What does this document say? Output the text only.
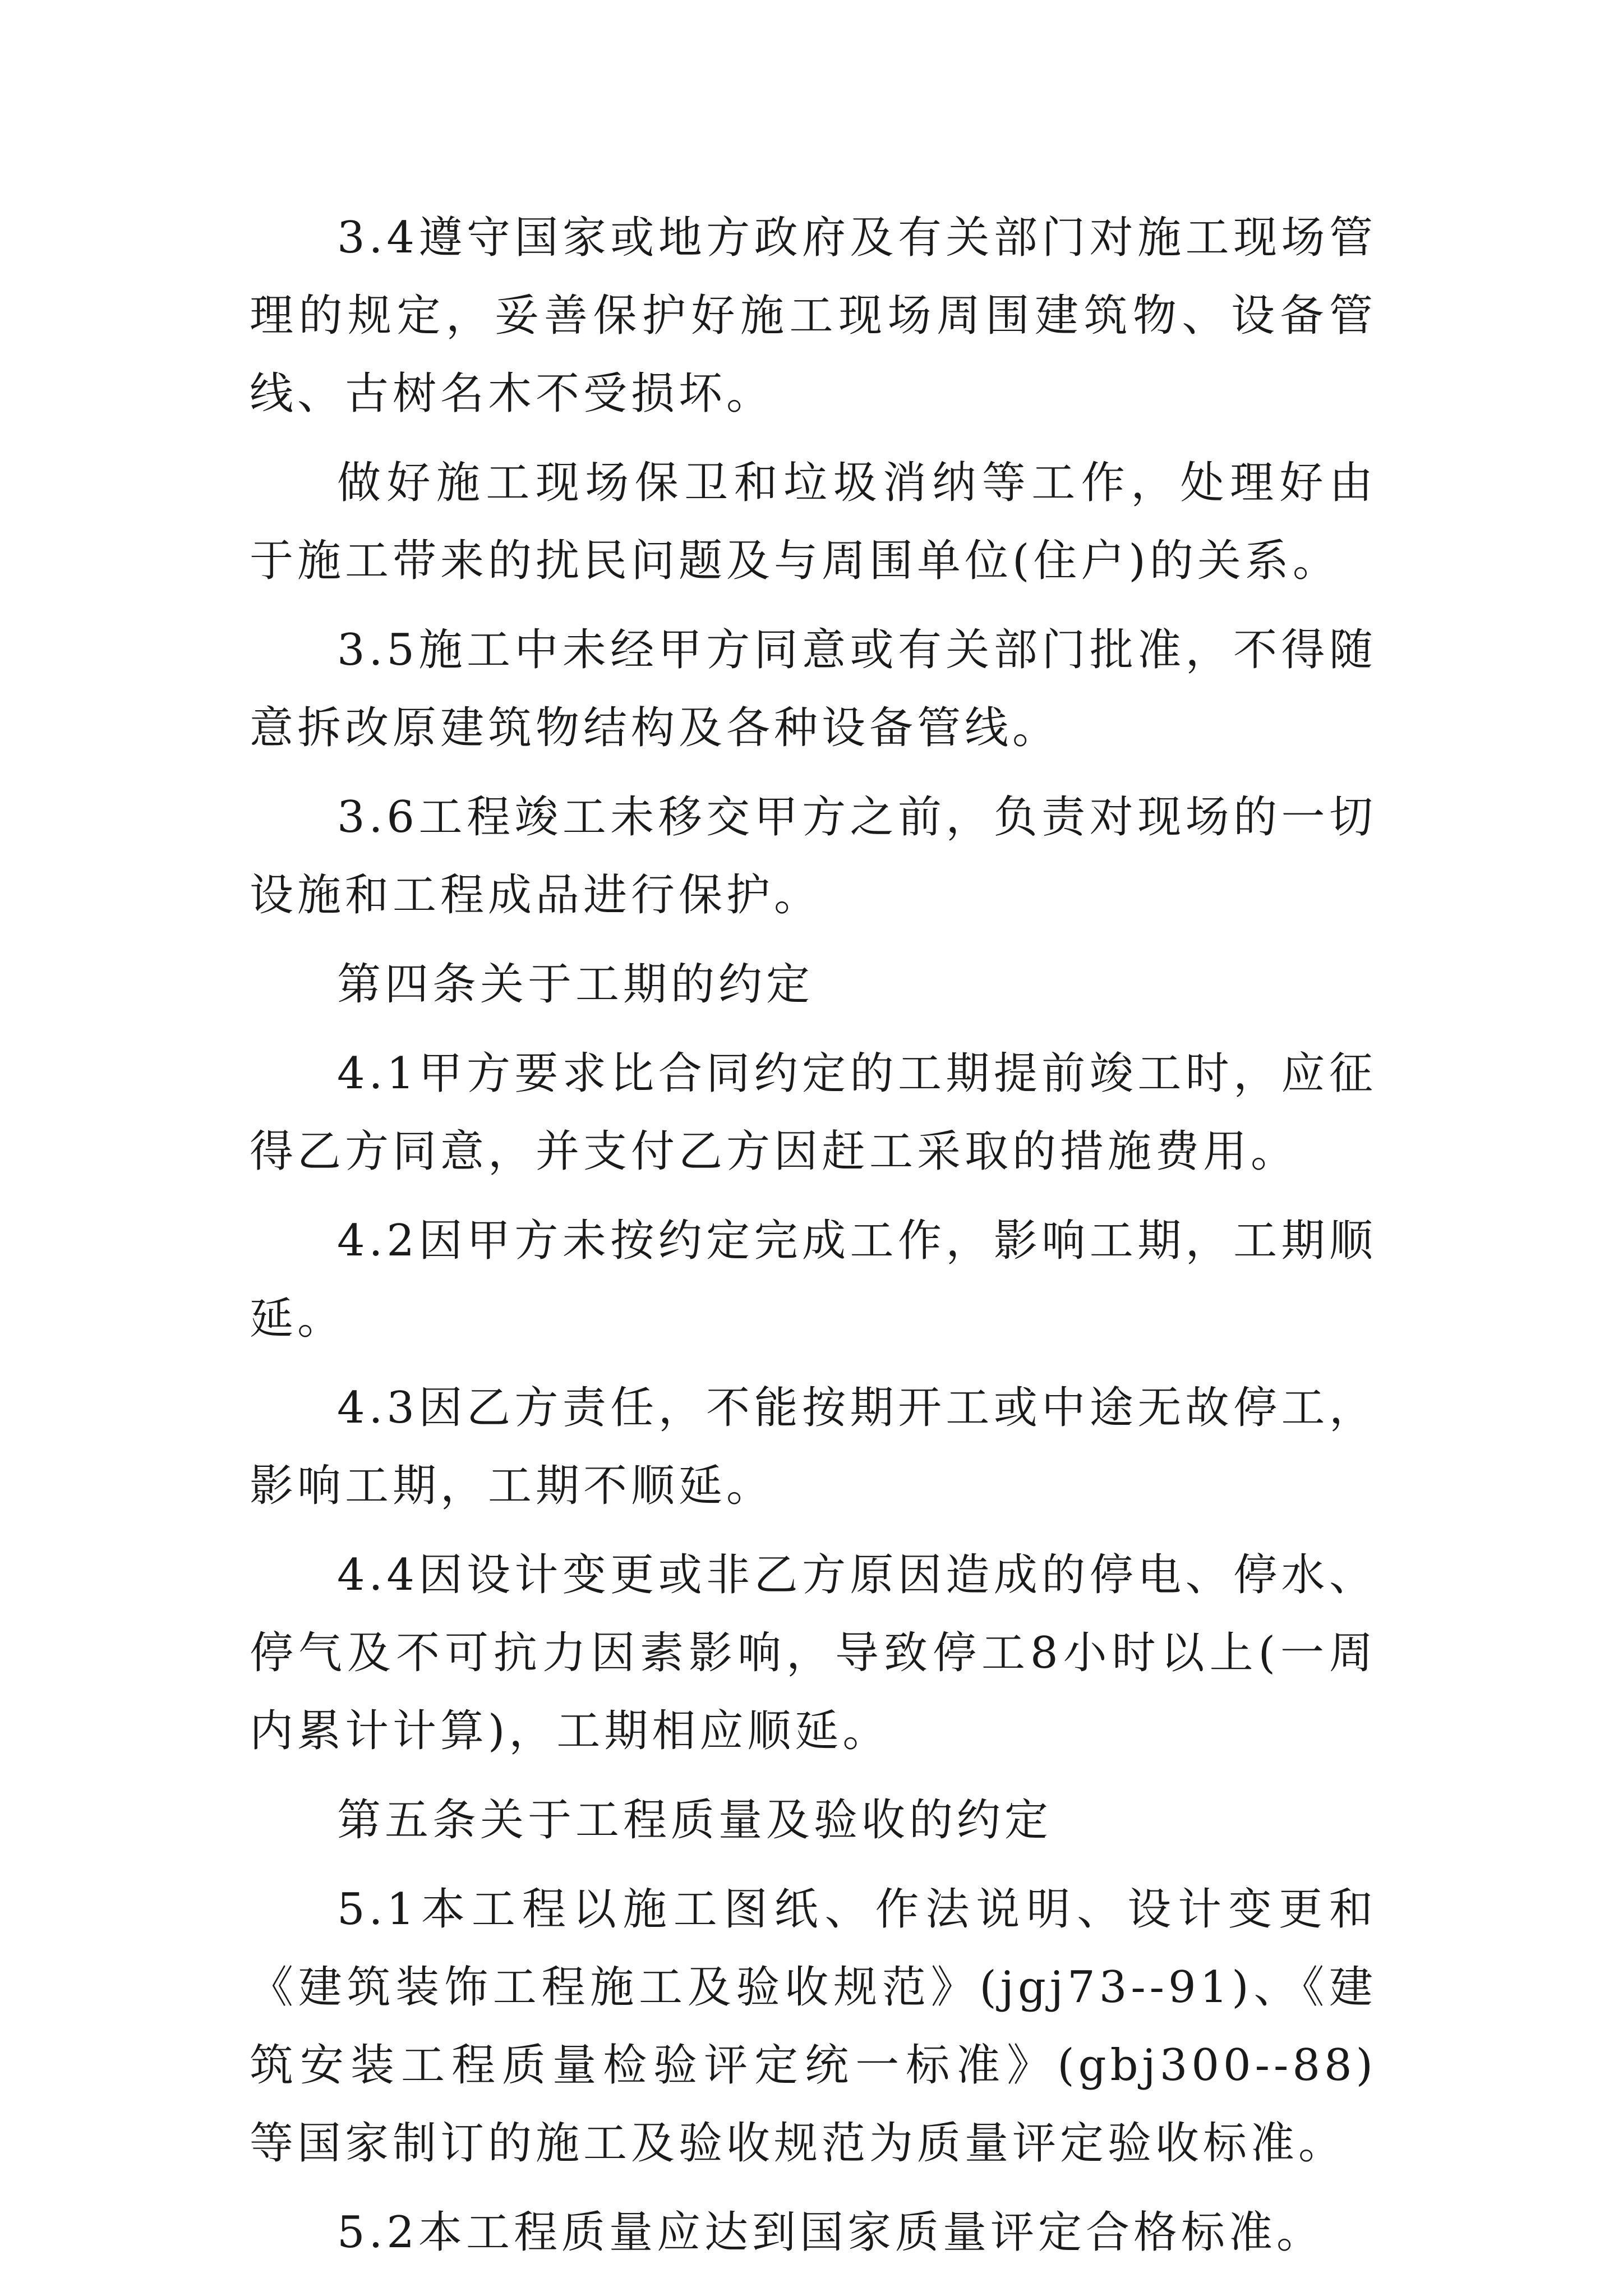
3.4遵守国家或地方政府及有关部门对施工现场管理的规定，妥善保护好施工现场周围建筑物、设备管线、古树名木不受损坏。

做好施工现场保卫和垃圾消纳等工作，处理好由于施工带来的扰民问题及与周围单位(住户)的关系。

3.5施工中未经甲方同意或有关部门批准，不得随意拆改原建筑物结构及各种设备管线。

3.6工程竣工未移交甲方之前，负责对现场的一切设施和工程成品进行保护。

第四条关于工期的约定

4.1甲方要求比合同约定的工期提前竣工时，应征得乙方同意，并支付乙方因赶工采取的措施费用。

4.2因甲方未按约定完成工作，影响工期，工期顺延。

4.3因乙方责任，不能按期开工或中途无故停工，影响工期，工期不顺延。

4.4因设计变更或非乙方原因造成的停电、停水、停气及不可抗力因素影响，导致停工8小时以上(一周内累计计算)，工期相应顺延。

第五条关于工程质量及验收的约定

5.1本工程以施工图纸、作法说明、设计变更和《建筑装饰工程施工及验收规范》(jgj73--91)、《建筑安装工程质量检验评定统一标准》(gbj300--88)等国家制订的施工及验收规范为质量评定验收标准。

5.2本工程质量应达到国家质量评定合格标准。
